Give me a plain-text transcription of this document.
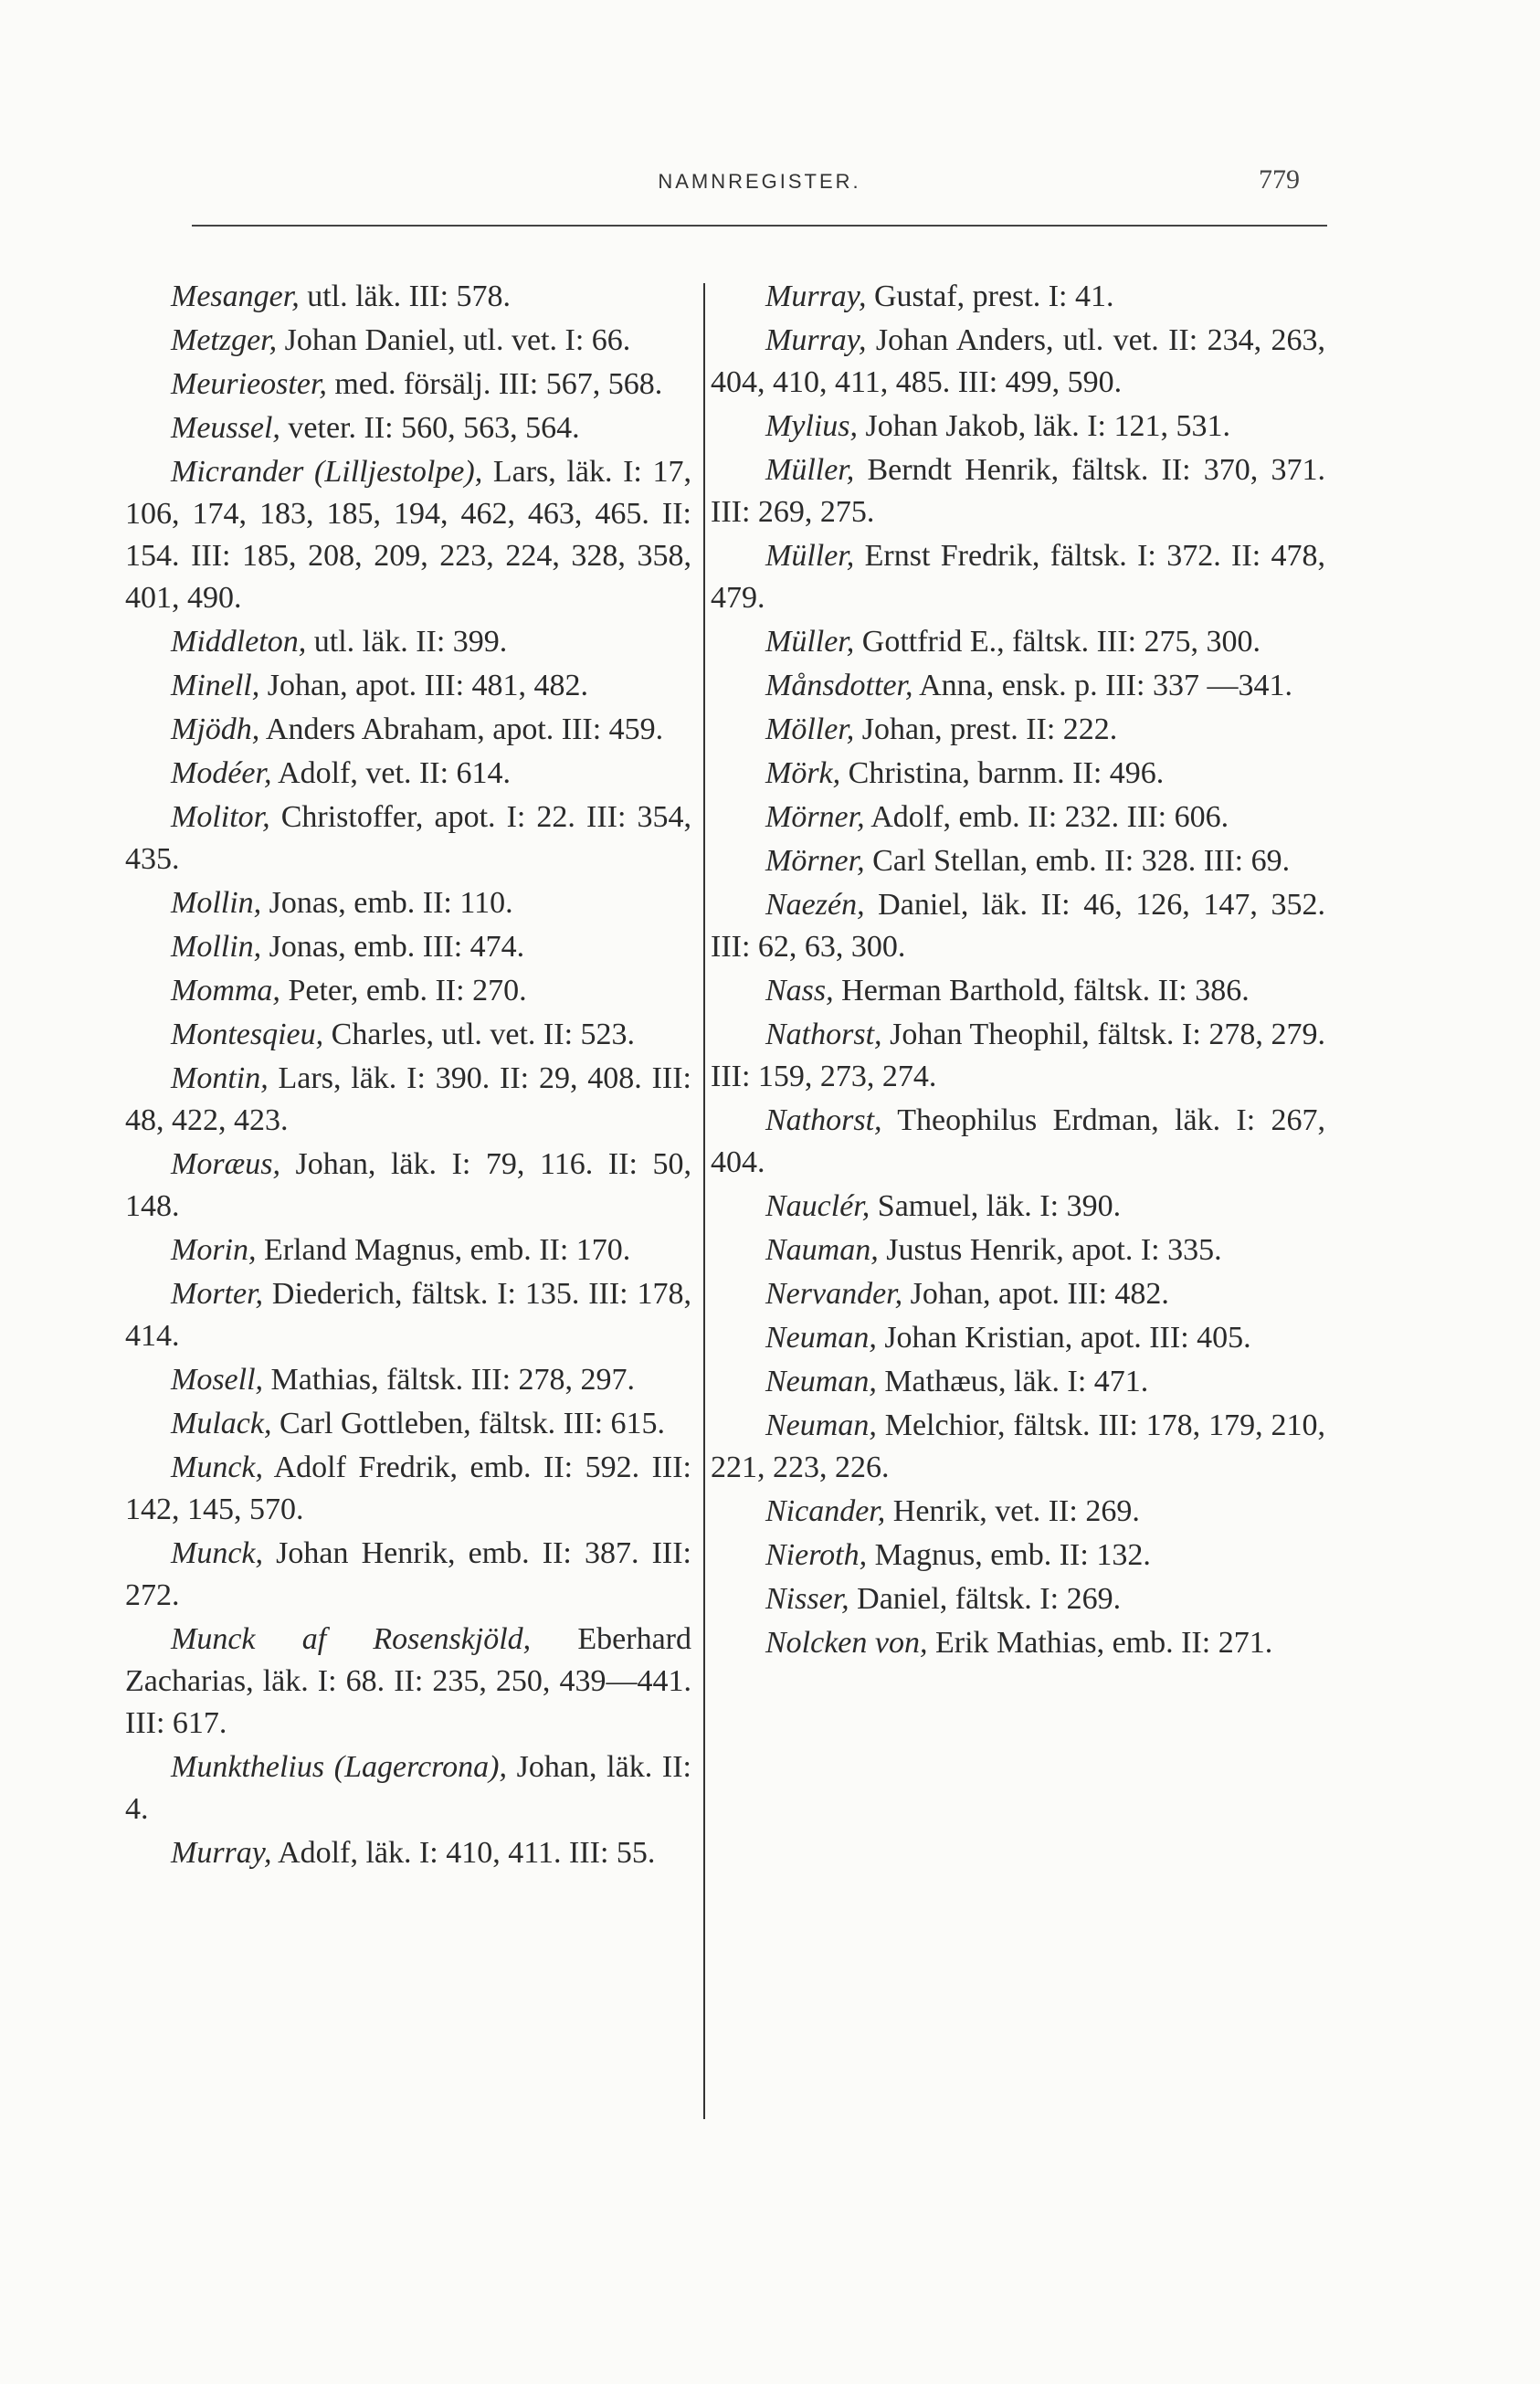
NAMNREGISTER.	779

Mesanger, utl. läk. III: 578.

Metzger, Johan Daniel, utl. vet. I: 66.

Meurieoster, med. försälj. III: 567, 568.

Meussel, veter. II: 560, 563, 564.

Micrander (Lilljestolpe), Lars, läk. I: 17, 106, 174, 183, 185, 194, 462, 463, 465. II: 154. III: 185, 208, 209, 223, 224, 328, 358, 401, 490.

Middleton, utl. läk. II: 399.

Minell, Johan, apot. III: 481, 482.

Mjödh, Anders Abraham, apot. III: 459.

Modéer, Adolf, vet. II: 614.

Molitor, Christoffer, apot. I: 22. III: 354, 435.

Mollin, Jonas, emb. II: 110.

Mollin, Jonas, emb. III: 474.

Momma, Peter, emb. II: 270.

Montesqieu, Charles, utl. vet. II: 523.

Montin, Lars, läk. I: 390. II: 29, 408. III: 48, 422, 423.

Moræus, Johan, läk. I: 79, 116. II: 50, 148.

Morin, Erland Magnus, emb. II: 170.

Morter, Diederich, fältsk. I: 135. III: 178, 414.

Mosell, Mathias, fältsk. III: 278, 297.

Mulack, Carl Gottleben, fältsk. III: 615.

Munck, Adolf Fredrik, emb. II: 592. III: 142, 145, 570.

Munck, Johan Henrik, emb. II: 387. III: 272.

Munck af Rosenskjöld, Eberhard Zacharias, läk. I: 68. II: 235, 250, 439—441. III: 617.

Munkthelius (Lagercrona), Johan, läk. II: 4.

Murray, Adolf, läk. I: 410, 411. III: 55.

Murray, Gustaf, prest. I: 41.

Murray, Johan Anders, utl. vet. II: 234, 263, 404, 410, 411, 485. III: 499, 590.

Mylius, Johan Jakob, läk. I: 121, 531.

Müller, Berndt Henrik, fältsk. II: 370, 371. III: 269, 275.

Müller, Ernst Fredrik, fältsk. I: 372. II: 478, 479.

Müller, Gottfrid E., fältsk. III: 275, 300.

Månsdotter, Anna, ensk. p. III: 337 —341.

Möller, Johan, prest. II: 222.

Mörk, Christina, barnm. II: 496.

Mörner, Adolf, emb. II: 232. III: 606.

Mörner, Carl Stellan, emb. II: 328. III: 69.

Naezén, Daniel, läk. II: 46, 126, 147, 352. III: 62, 63, 300.

Nass, Herman Barthold, fältsk. II: 386.

Nathorst, Johan Theophil, fältsk. I: 278, 279. III: 159, 273, 274.

Nathorst, Theophilus Erdman, läk. I: 267, 404.

Nauclér, Samuel, läk. I: 390.

Nauman, Justus Henrik, apot. I: 335.

Nervander, Johan, apot. III: 482.

Neuman, Johan Kristian, apot. III: 405.

Neuman, Mathæus, läk. I: 471.

Neuman, Melchior, fältsk. III: 178, 179, 210, 221, 223, 226.

Nicander, Henrik, vet. II: 269.

Nieroth, Magnus, emb. II: 132.

Nisser, Daniel, fältsk. I: 269.

Nolcken von, Erik Mathias, emb. II: 271.
